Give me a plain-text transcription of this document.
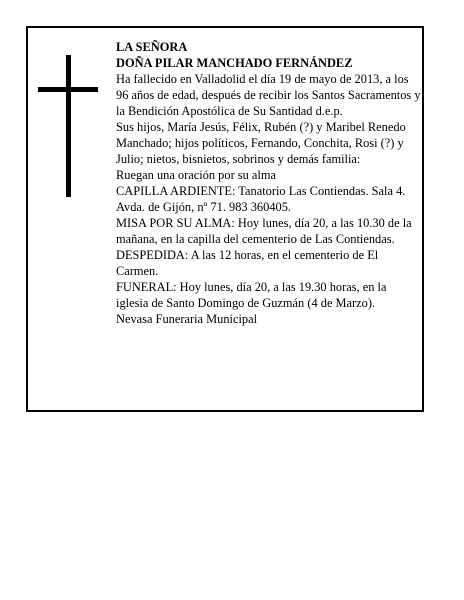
LA SEÑORA

DOÑA PILAR MANCHADO FERNÁNDEZ

Ha fallecido en Valladolid el día 19 de mayo de 2013, a los 96 años de edad, después de recibir los Santos Sacramentos y la Bendición Apostólica de Su Santidad d.e.p.

Sus hijos, María Jesús, Félix, Rubén (?) y Maribel Renedo Manchado; hijos políticos, Fernando, Conchita, Rosi (?) y Julio; nietos, bisnietos, sobrinos y demás familia:

Ruegan una oración por su alma

CAPILLA ARDIENTE: Tanatorio Las Contiendas. Sala 4. Avda. de Gijón, nº 71. 983 360405.

MISA POR SU ALMA: Hoy lunes, día 20, a las 10.30 de la mañana, en la capilla del cementerio de Las Contiendas.

DESPEDIDA: A las 12 horas, en el cementerio de El Carmen.

FUNERAL: Hoy lunes, día 20, a las 19.30 horas, en la iglesia de Santo Domingo de Guzmán (4 de Marzo).

Nevasa Funeraria Municipal
